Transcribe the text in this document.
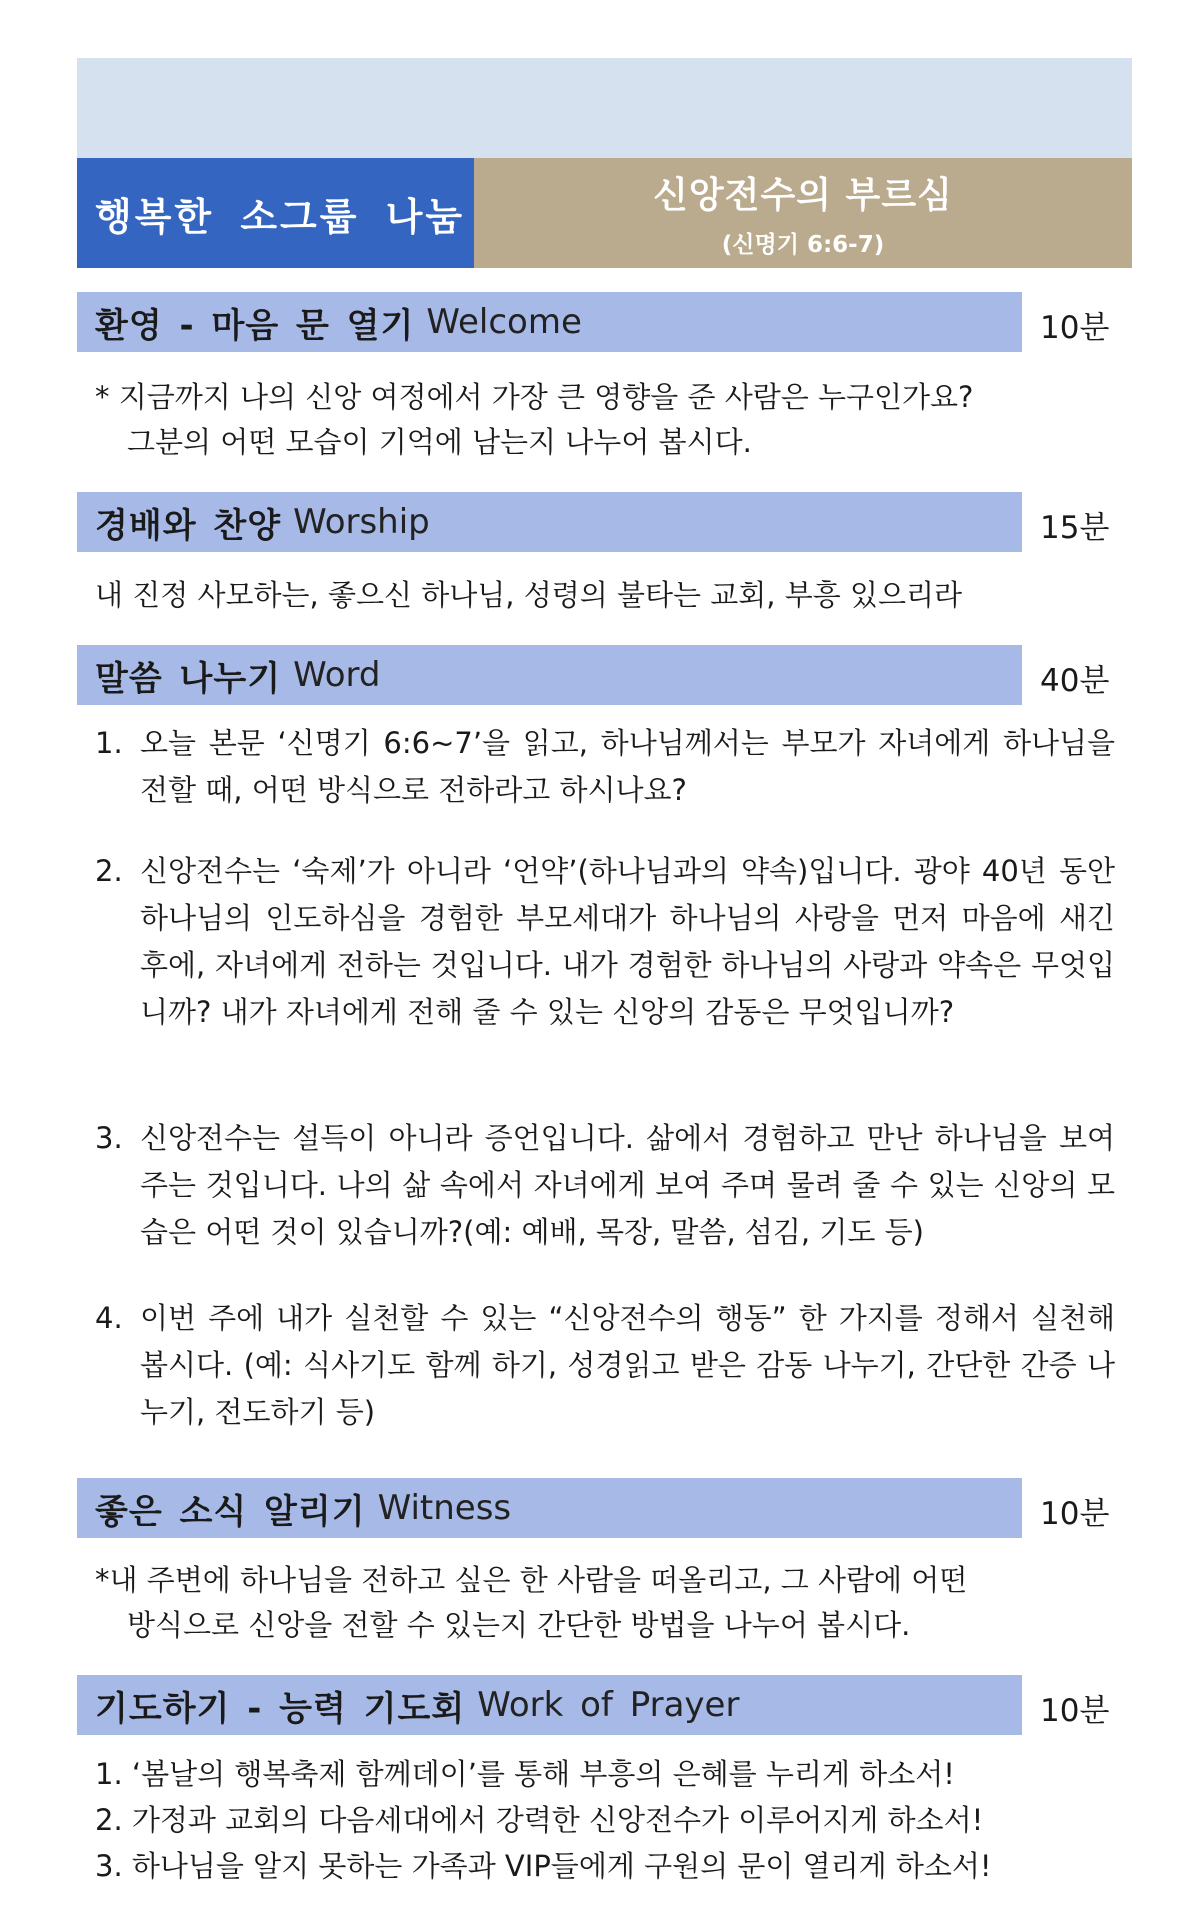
행복한 소그룹 나눔	신앙전수의 부르심
(신명기 6:6-7)
환영 - 마음 문 열기 Welcome	10분
* 지금까지 나의 신앙 여정에서 가장 큰 영향을 준 사람은 누구인가요?
그분의 어떤 모습이 기억에 남는지 나누어 봅시다.
경배와 찬양 Worship	15분
내 진정 사모하는, 좋으신 하나님, 성령의 불타는 교회, 부흥 있으리라
말씀 나누기 Word	40분
1. 오늘 본문 ‘신명기 6:6~7’을 읽고, 하나님께서는 부모가 자녀에게 하나님을 전할 때, 어떤 방식으로 전하라고 하시나요?
2. 신앙전수는 ‘숙제’가 아니라 ‘언약’(하나님과의 약속)입니다. 광야 40년 동안 하나님의 인도하심을 경험한 부모세대가 하나님의 사랑을 먼저 마음에 새긴 후에, 자녀에게 전하는 것입니다. 내가 경험한 하나님의 사랑과 약속은 무엇입니까? 내가 자녀에게 전해 줄 수 있는 신앙의 감동은 무엇입니까?
3. 신앙전수는 설득이 아니라 증언입니다. 삶에서 경험하고 만난 하나님을 보여주는 것입니다. 나의 삶 속에서 자녀에게 보여 주며 물려 줄 수 있는 신앙의 모습은 어떤 것이 있습니까?(예: 예배, 목장, 말씀, 섬김, 기도 등)
4. 이번 주에 내가 실천할 수 있는 “신앙전수의 행동” 한 가지를 정해서 실천해 봅시다. (예: 식사기도 함께 하기, 성경읽고 받은 감동 나누기, 간단한 간증 나누기, 전도하기 등)
좋은 소식 알리기 Witness	10분
*내 주변에 하나님을 전하고 싶은 한 사람을 떠올리고, 그 사람에 어떤
방식으로 신앙을 전할 수 있는지 간단한 방법을 나누어 봅시다.
기도하기 - 능력 기도회 Work of Prayer	10분
1. ‘봄날의 행복축제 함께데이’를 통해 부흥의 은혜를 누리게 하소서!
2. 가정과 교회의 다음세대에서 강력한 신앙전수가 이루어지게 하소서!
3. 하나님을 알지 못하는 가족과 VIP들에게 구원의 문이 열리게 하소서!
